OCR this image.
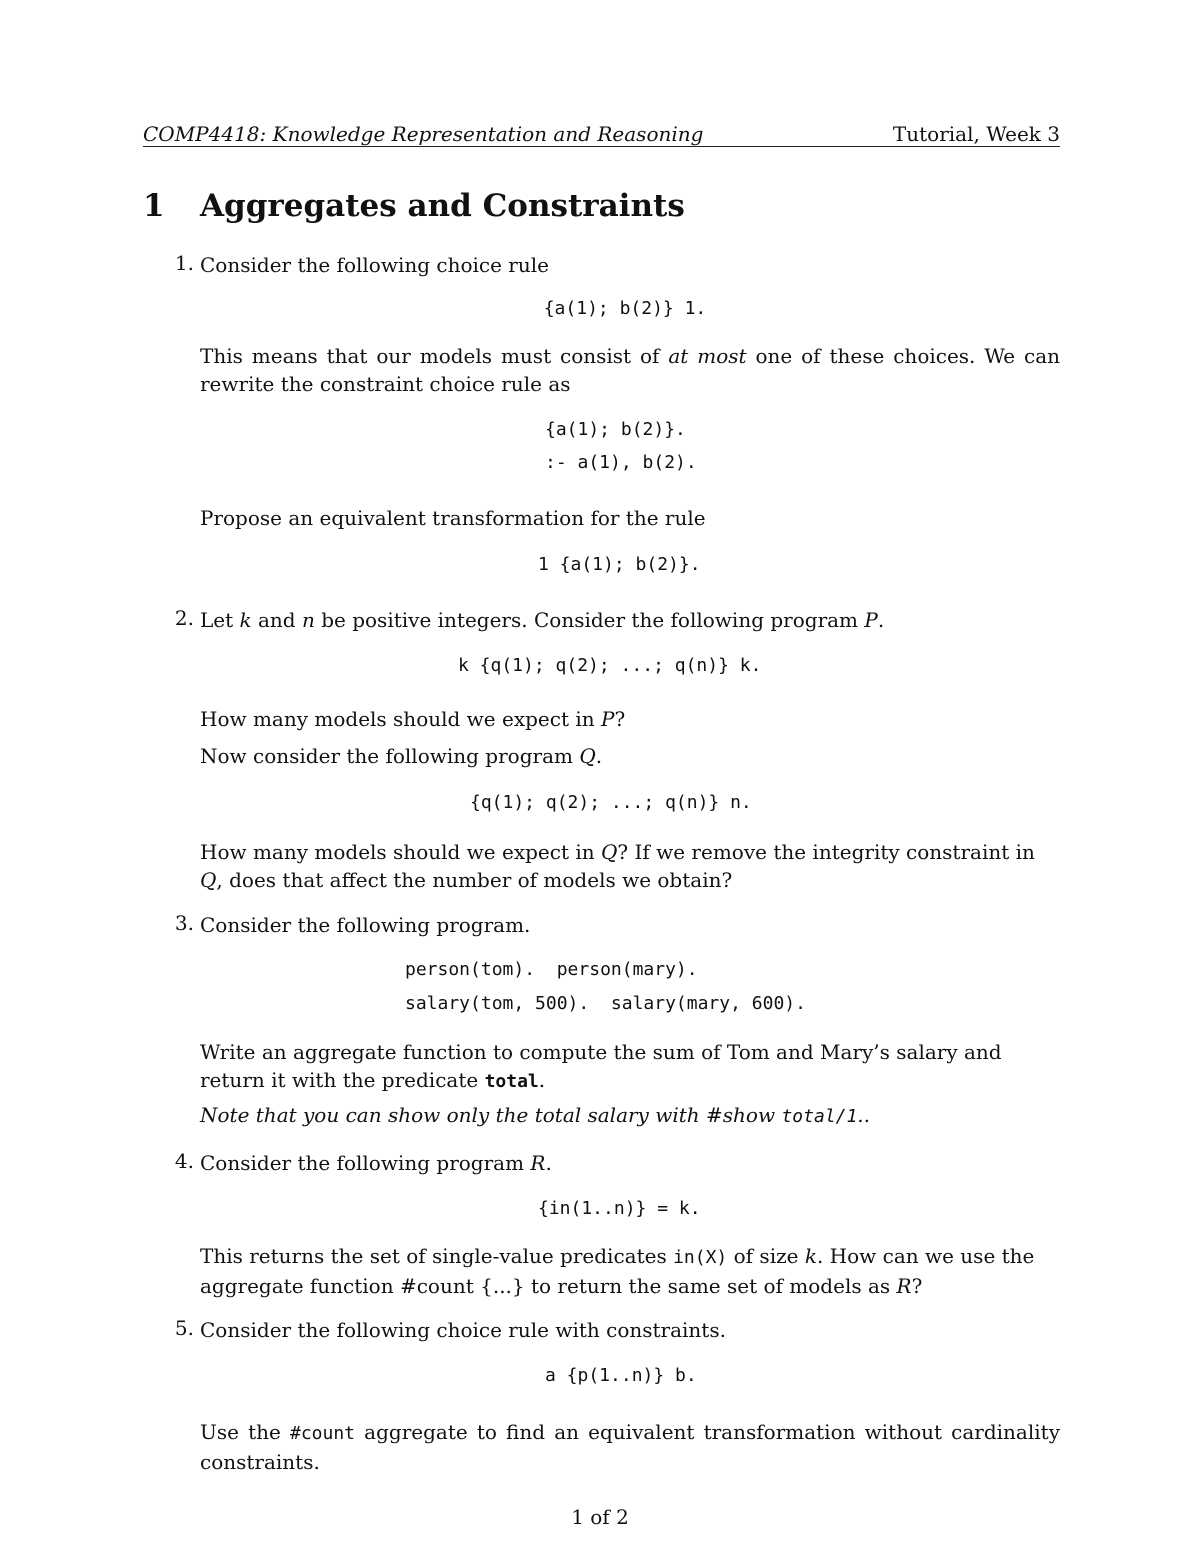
COMP4418: Knowledge Representation and Reasoning	Tutorial, Week 3
1 Aggregates and Constraints
1. Consider the following choice rule

{a(1); b(2)} 1.

This means that our models must consist of at most one of these choices. We can rewrite the constraint choice rule as

{a(1); b(2)}.
:- a(1), b(2).
Propose an equivalent transformation for the rule
1 {a(1); b(2)}.
2. Let k and n be positive integers. Consider the following program P.

k {q(1); q(2); ...; q(n)} k.
How many models should we expect in P?
Now consider the following program Q.
{q(1); q(2); ...; q(n)} n.

How many models should we expect in Q? If we remove the integrity constraint in Q, does that affect the number of models we obtain?

3. Consider the following program.

person(tom).  person(mary).
salary(tom, 500).  salary(mary, 600).

Write an aggregate function to compute the sum of Tom and Mary’s salary and return it with the predicate total.

Note that you can show only the total salary with #show total/1..
4. Consider the following program R.

{in(1..n)} = k.

This returns the set of single-value predicates in(X) of size k. How can we use the aggregate function #count {...} to return the same set of models as R?

5. Consider the following choice rule with constraints.

a {p(1..n)} b.

Use the #count aggregate to find an equivalent transformation without cardinality constraints.

1 of 2
